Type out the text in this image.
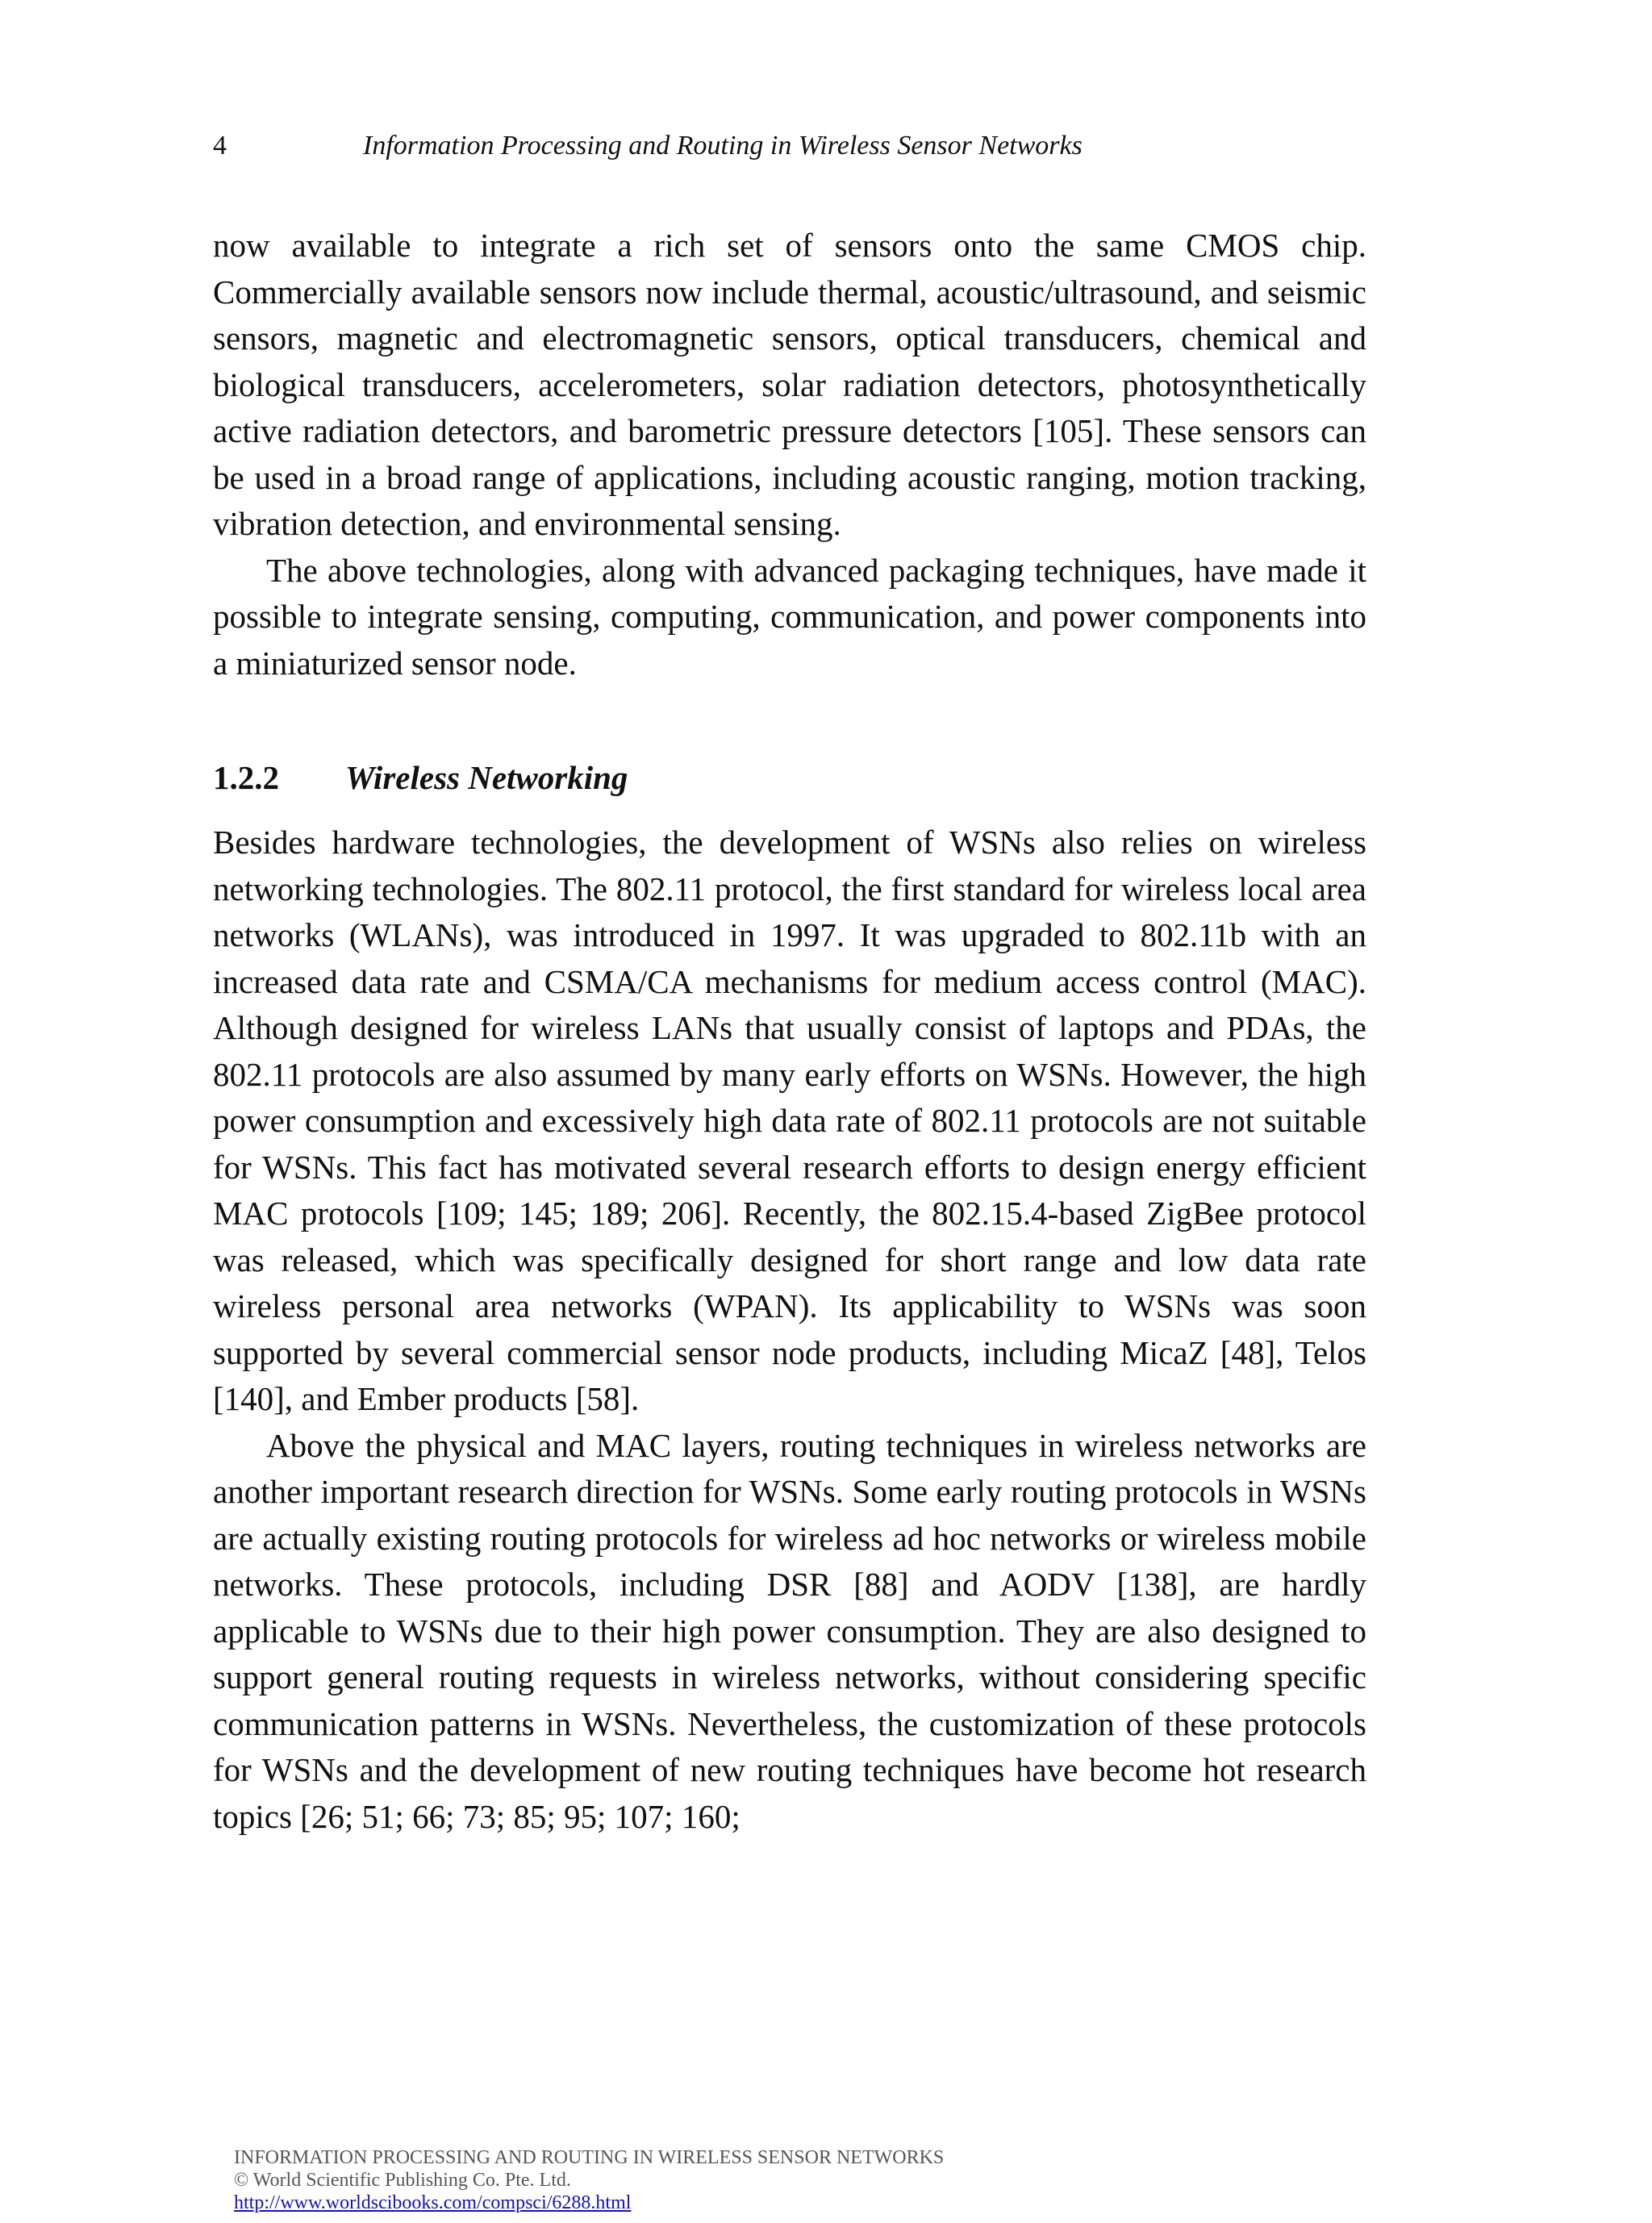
4	Information Processing and Routing in Wireless Sensor Networks

now available to integrate a rich set of sensors onto the same CMOS chip. Commercially available sensors now include thermal, acoustic/ultrasound, and seismic sensors, magnetic and electromagnetic sensors, optical transducers, chemical and biological transducers, accelerometers, solar radiation detectors, photosynthetically active radiation detectors, and barometric pressure detectors [105]. These sensors can be used in a broad range of applications, including acoustic ranging, motion tracking, vibration detection, and environmental sensing.

The above technologies, along with advanced packaging techniques, have made it possible to integrate sensing, computing, communication, and power components into a miniaturized sensor node.

1.2.2 Wireless Networking

Besides hardware technologies, the development of WSNs also relies on wireless networking technologies. The 802.11 protocol, the first standard for wireless local area networks (WLANs), was introduced in 1997. It was upgraded to 802.11b with an increased data rate and CSMA/CA mechanisms for medium access control (MAC). Although designed for wireless LANs that usually consist of laptops and PDAs, the 802.11 protocols are also assumed by many early efforts on WSNs. However, the high power consumption and excessively high data rate of 802.11 protocols are not suitable for WSNs. This fact has motivated several research efforts to design energy efficient MAC protocols [109; 145; 189; 206]. Recently, the 802.15.4-based ZigBee protocol was released, which was specifically designed for short range and low data rate wireless personal area networks (WPAN). Its applicability to WSNs was soon supported by several commercial sensor node products, including MicaZ [48], Telos [140], and Ember products [58].

Above the physical and MAC layers, routing techniques in wireless networks are another important research direction for WSNs. Some early routing protocols in WSNs are actually existing routing protocols for wireless ad hoc networks or wireless mobile networks. These protocols, including DSR [88] and AODV [138], are hardly applicable to WSNs due to their high power consumption. They are also designed to support general routing requests in wireless networks, without considering specific communication patterns in WSNs. Nevertheless, the customization of these protocols for WSNs and the development of new routing techniques have become hot research topics [26; 51; 66; 73; 85; 95; 107; 160;

INFORMATION PROCESSING AND ROUTING IN WIRELESS SENSOR NETWORKS
© World Scientific Publishing Co. Pte. Ltd.
http://www.worldscibooks.com/compsci/6288.html
